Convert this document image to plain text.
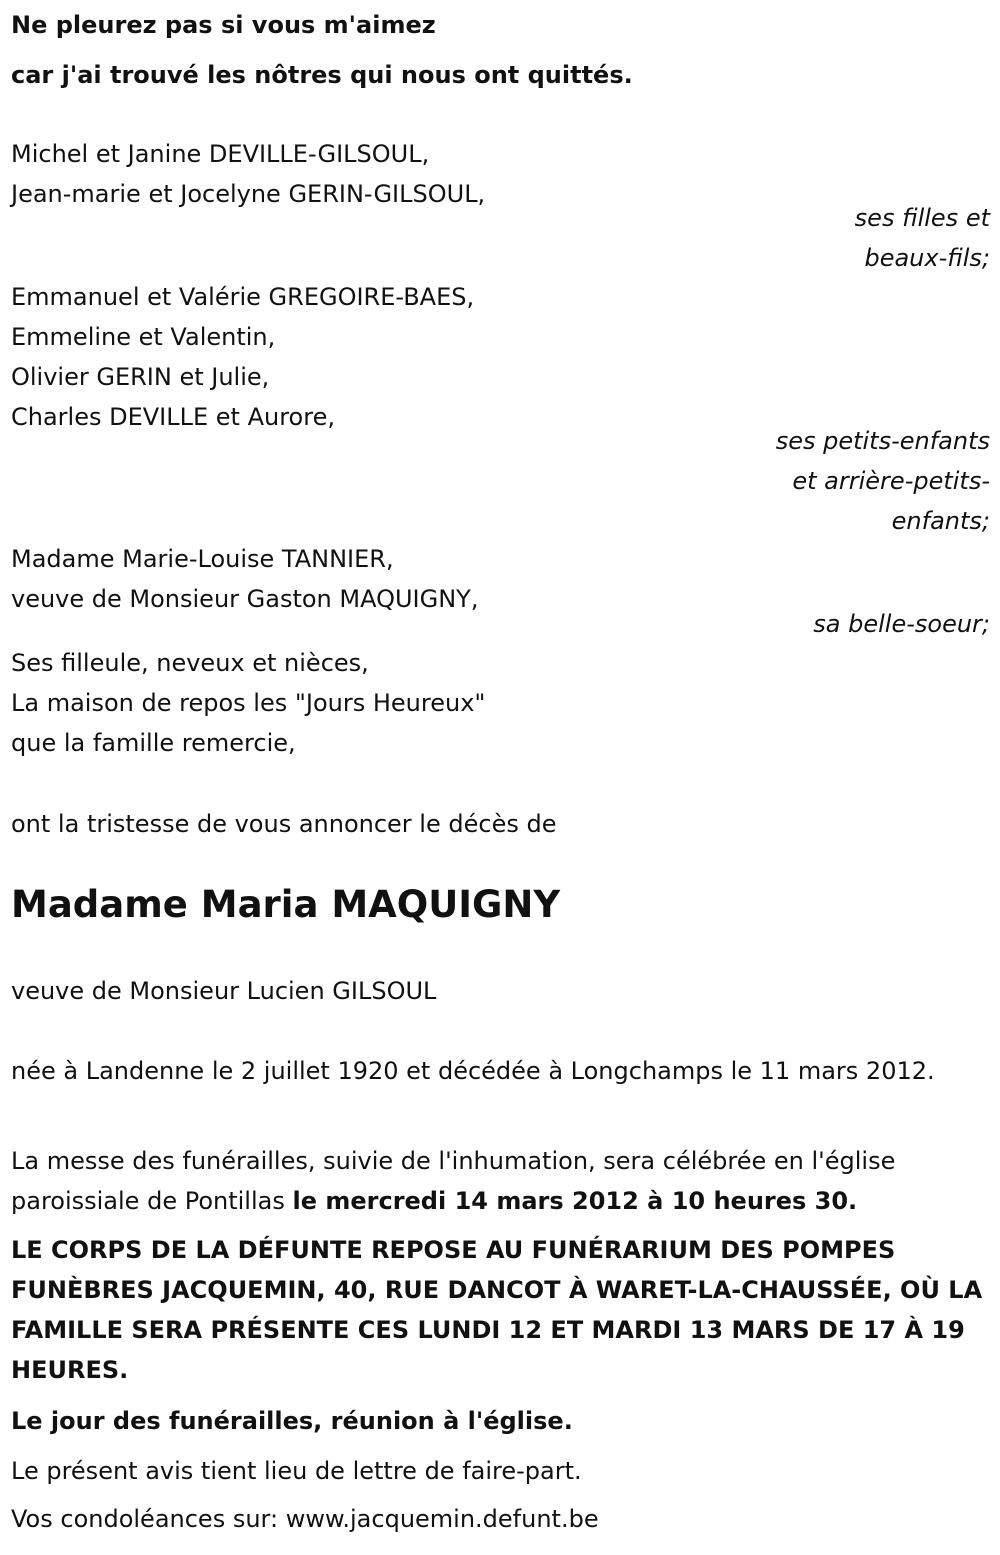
Ne pleurez pas si vous m'aimez

car j'ai trouvé les nôtres qui nous ont quittés.

Michel et Janine DEVILLE-GILSOUL,

Jean-marie et Jocelyne GERIN-GILSOUL,

ses filles et

beaux-fils;

Emmanuel et Valérie GREGOIRE-BAES,

Emmeline et Valentin,

Olivier GERIN et Julie,

Charles DEVILLE et Aurore,

ses petits-enfants

et arrière-petits-

enfants;

Madame Marie-Louise TANNIER,

veuve de Monsieur Gaston MAQUIGNY,

sa belle-soeur;

Ses filleule, neveux et nièces,

La maison de repos les "Jours Heureux"

que la famille remercie,

ont la tristesse de vous annoncer le décès de

Madame Maria MAQUIGNY

veuve de Monsieur Lucien GILSOUL

née à Landenne le 2 juillet 1920 et décédée à Longchamps le 11 mars 2012.

La messe des funérailles, suivie de l'inhumation, sera célébrée en l'église paroissiale de Pontillas le mercredi 14 mars 2012 à 10 heures 30.

LE CORPS DE LA DÉFUNTE REPOSE AU FUNÉRARIUM DES POMPES FUNÈBRES JACQUEMIN, 40, RUE DANCOT À WARET-LA-CHAUSSÉE, OÙ LA FAMILLE SERA PRÉSENTE CES LUNDI 12 ET MARDI 13 MARS DE 17 À 19 HEURES.

Le jour des funérailles, réunion à l'église.

Le présent avis tient lieu de lettre de faire-part.

Vos condoléances sur: www.jacquemin.defunt.be
